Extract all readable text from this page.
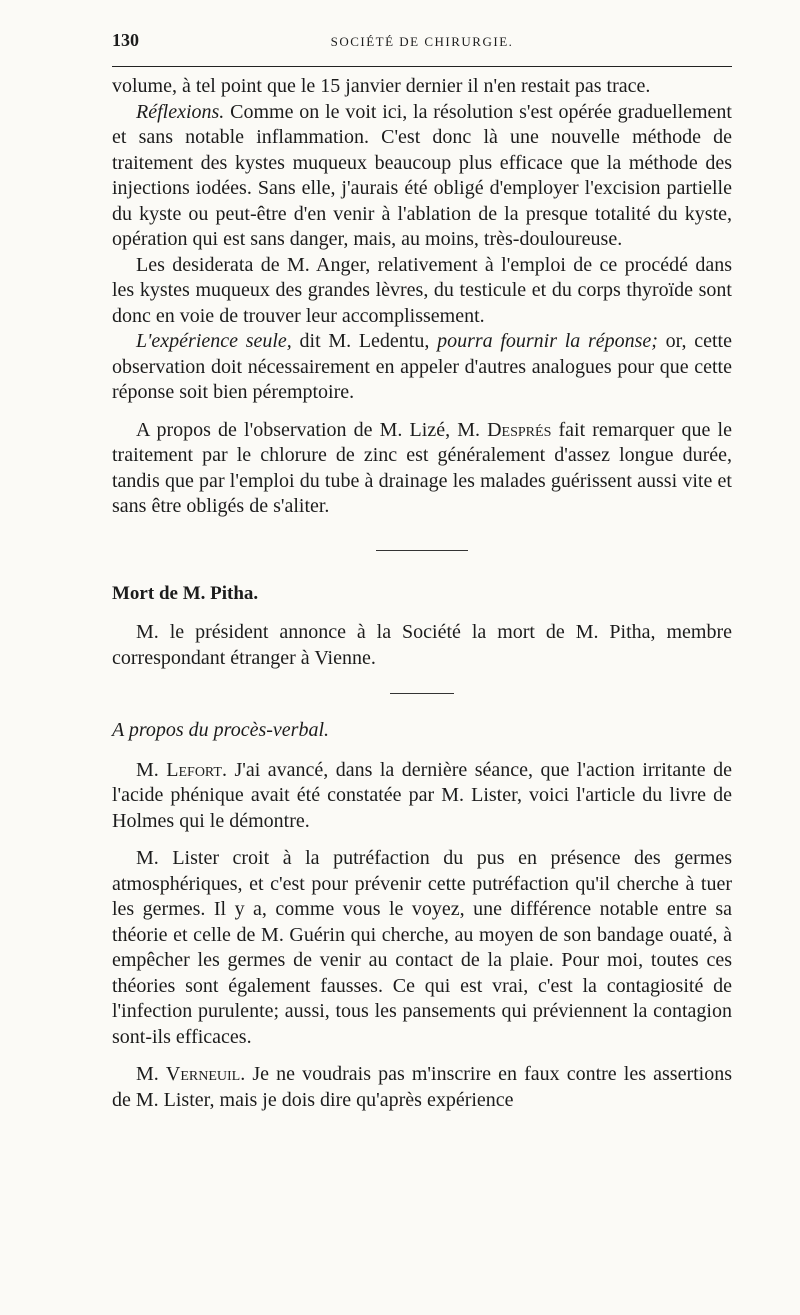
130	SOCIÉTÉ DE CHIRURGIE.

volume, à tel point que le 15 janvier dernier il n'en restait pas trace.

Réflexions. Comme on le voit ici, la résolution s'est opérée graduellement et sans notable inflammation. C'est donc là une nouvelle méthode de traitement des kystes muqueux beaucoup plus efficace que la méthode des injections iodées. Sans elle, j'aurais été obligé d'employer l'excision partielle du kyste ou peut-être d'en venir à l'ablation de la presque totalité du kyste, opération qui est sans danger, mais, au moins, très-douloureuse.

Les desiderata de M. Anger, relativement à l'emploi de ce procédé dans les kystes muqueux des grandes lèvres, du testicule et du corps thyroïde sont donc en voie de trouver leur accomplissement.

L'expérience seule, dit M. Ledentu, pourra fournir la réponse; or, cette observation doit nécessairement en appeler d'autres analogues pour que cette réponse soit bien péremptoire.

A propos de l'observation de M. Lizé, M. Després fait remarquer que le traitement par le chlorure de zinc est généralement d'assez longue durée, tandis que par l'emploi du tube à drainage les malades guérissent aussi vite et sans être obligés de s'aliter.

Mort de M. Pitha.

M. le président annonce à la Société la mort de M. Pitha, membre correspondant étranger à Vienne.

A propos du procès-verbal.

M. Lefort. J'ai avancé, dans la dernière séance, que l'action irritante de l'acide phénique avait été constatée par M. Lister, voici l'article du livre de Holmes qui le démontre.

M. Lister croit à la putréfaction du pus en présence des germes atmosphériques, et c'est pour prévenir cette putréfaction qu'il cherche à tuer les germes. Il y a, comme vous le voyez, une différence notable entre sa théorie et celle de M. Guérin qui cherche, au moyen de son bandage ouaté, à empêcher les germes de venir au contact de la plaie. Pour moi, toutes ces théories sont également fausses. Ce qui est vrai, c'est la contagiosité de l'infection purulente; aussi, tous les pansements qui préviennent la contagion sont-ils efficaces.

M. Verneuil. Je ne voudrais pas m'inscrire en faux contre les assertions de M. Lister, mais je dois dire qu'après expérience
